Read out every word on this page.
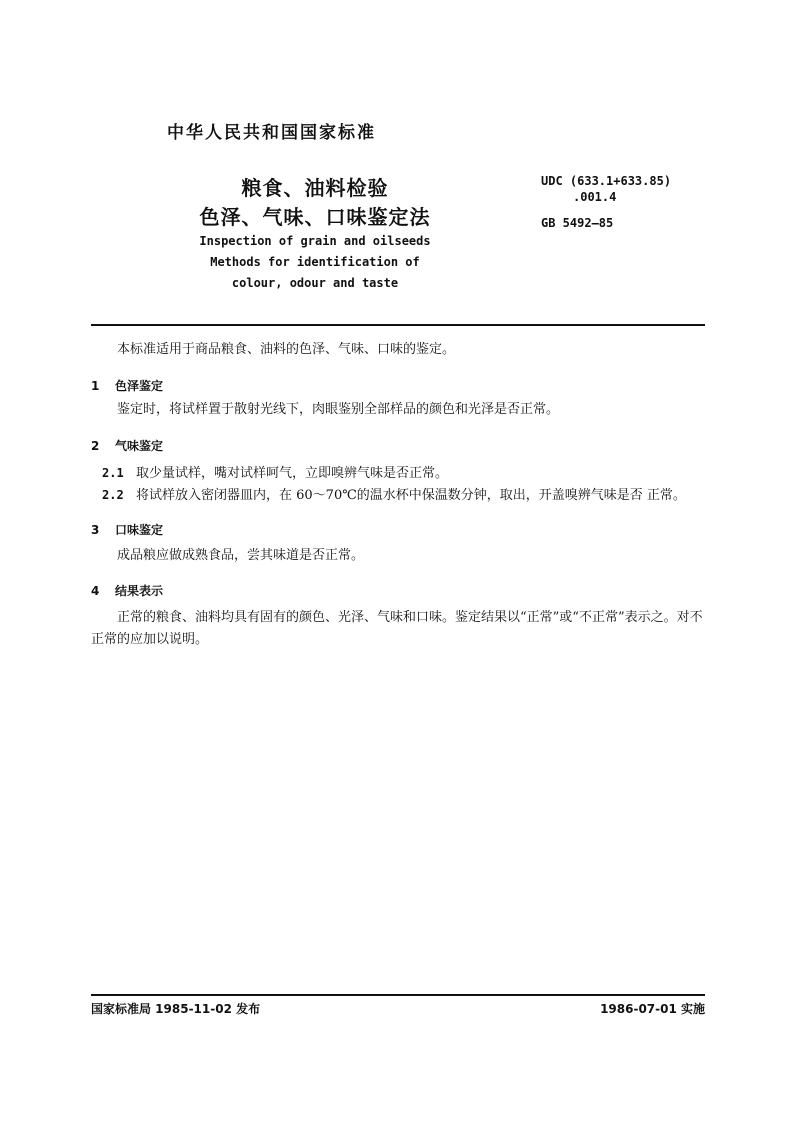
中华人民共和国国家标准
粮食、油料检验
色泽、气味、口味鉴定法
Inspection of grain and oilseeds
Methods for identification of
colour, odour and taste
UDC (633.1+633.85)
.001.4
GB 5492—85
本标准适用于商品粮食、油料的色泽、气味、口味的鉴定。
1 色泽鉴定
鉴定时，将试样置于散射光线下，肉眼鉴别全部样品的颜色和光泽是否正常。
2 气味鉴定
2.1 取少量试样，嘴对试样呵气，立即嗅辨气味是否正常。
2.2 将试样放入密闭器皿内，在 60～70℃的温水杯中保温数分钟，取出，开盖嗅辨气味是否 正常。
3 口味鉴定
成品粮应做成熟食品，尝其味道是否正常。
4 结果表示
正常的粮食、油料均具有固有的颜色、光泽、气味和口味。鉴定结果以“正常”或“不正常”表示之。对不正常的应加以说明。
国家标准局 1985-11-02 发布	1986-07-01 实施
